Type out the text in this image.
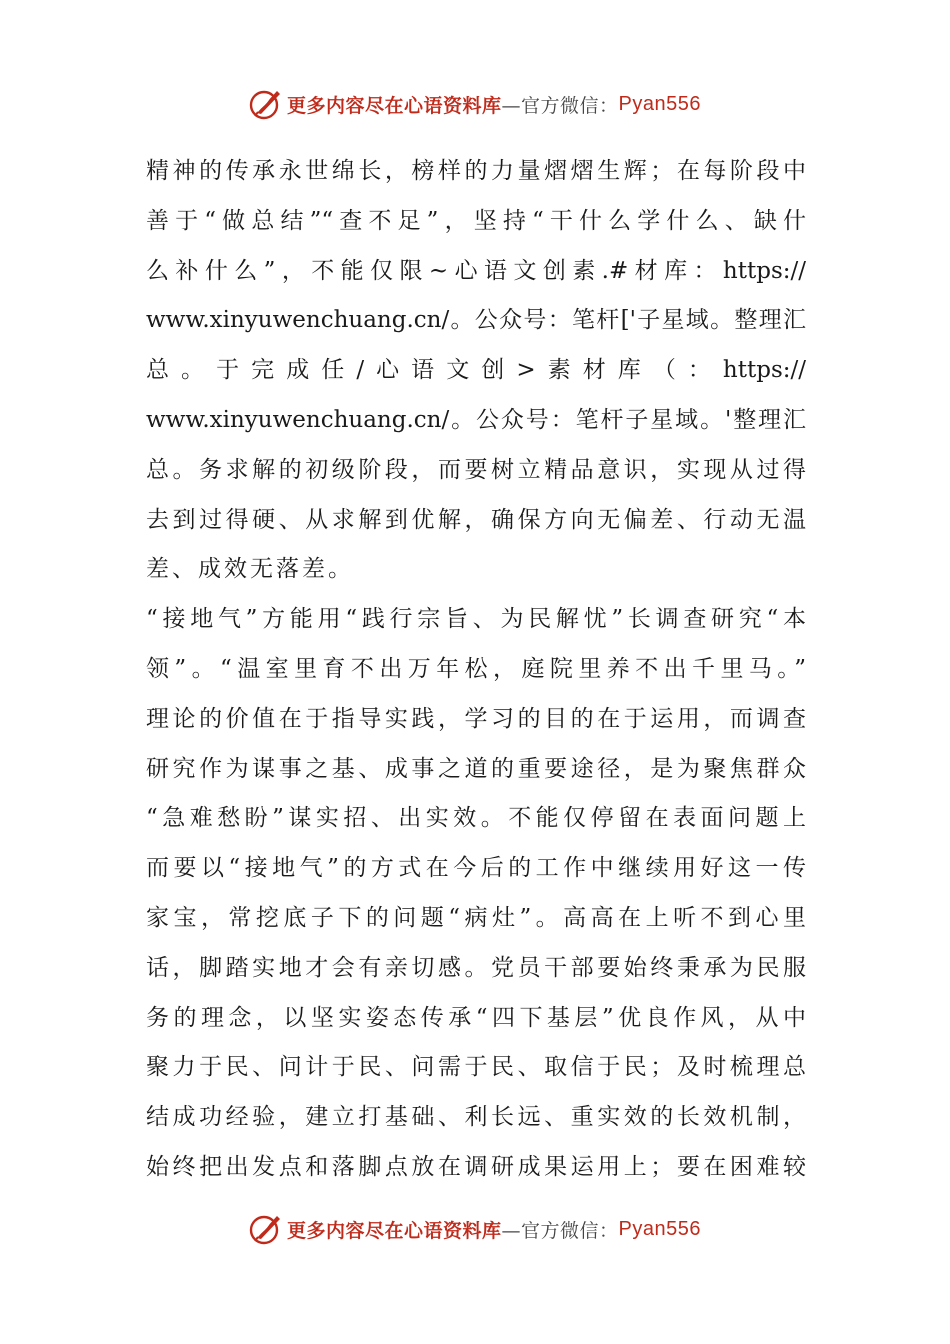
更多内容尽在心语资料库 —官方微信： Pyan556
精神的传承永世绵长，榜样的力量熠熠生辉；在每阶段中
善于“做总结”“查不足”，坚持“干什么学什么、缺什
么补什么”，不能仅限~心语文创素.#材库：https://
www.xinyuwenchuang.cn/。公众号：笔杆['子星域。整理汇
总。于完成任/心语文创>素材库（：https://
www.xinyuwenchuang.cn/。公众号：笔杆子星域。'整理汇
总。务求解的初级阶段，而要树立精品意识，实现从过得
去到过得硬、从求解到优解，确保方向无偏差、行动无温
差、成效无落差。
“接地气”方能用“践行宗旨、为民解忧”长调查研究“本
领”。“温室里育不出万年松，庭院里养不出千里马。”
理论的价值在于指导实践，学习的目的在于运用，而调查
研究作为谋事之基、成事之道的重要途径，是为聚焦群众
“急难愁盼”谋实招、出实效。不能仅停留在表面问题上
而要以“接地气”的方式在今后的工作中继续用好这一传
家宝，常挖底子下的问题“病灶”。高高在上听不到心里
话，脚踏实地才会有亲切感。党员干部要始终秉承为民服
务的理念，以坚实姿态传承“四下基层”优良作风，从中
聚力于民、问计于民、问需于民、取信于民；及时梳理总
结成功经验，建立打基础、利长远、重实效的长效机制，
始终把出发点和落脚点放在调研成果运用上；要在困难较
更多内容尽在心语资料库 —官方微信： Pyan556
